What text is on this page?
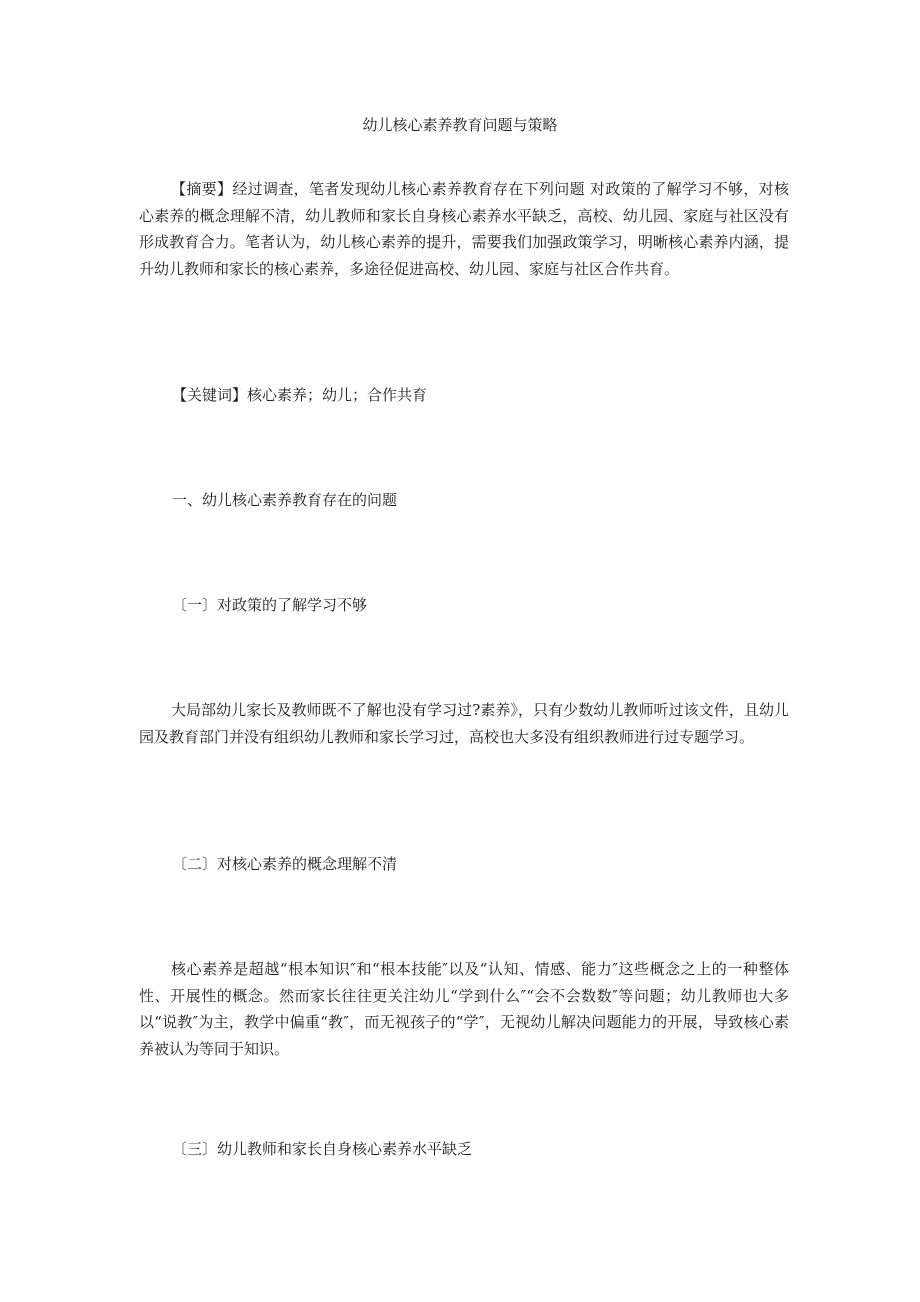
幼儿核心素养教育问题与策略

【摘要】经过调查，笔者发现幼儿核心素养教育存在下列问题 对政策的了解学习不够，对核心素养的概念理解不清，幼儿教师和家长自身核心素养水平缺乏，高校、幼儿园、家庭与社区没有形成教育合力。笔者认为，幼儿核心素养的提升，需要我们加强政策学习，明晰核心素养内涵，提升幼儿教师和家长的核心素养，多途径促进高校、幼儿园、家庭与社区合作共育。

【关键词】核心素养；幼儿；合作共育

一、幼儿核心素养教育存在的问题

〔一〕对政策的了解学习不够

大局部幼儿家长及教师既不了解也没有学习过?素养》，只有少数幼儿教师听过该文件，且幼儿园及教育部门并没有组织幼儿教师和家长学习过，高校也大多没有组织教师进行过专题学习。

〔二〕对核心素养的概念理解不清

核心素养是超越“根本知识″和“根本技能″以及“认知、情感、能力″这些概念之上的一种整体性、开展性的概念。然而家长往往更关注幼儿“学到什么″“会不会数数″等问题；幼儿教师也大多以“说教″为主，教学中偏重“教″，而无视孩子的“学″，无视幼儿解决问题能力的开展，导致核心素养被认为等同于知识。

〔三〕幼儿教师和家长自身核心素养水平缺乏
